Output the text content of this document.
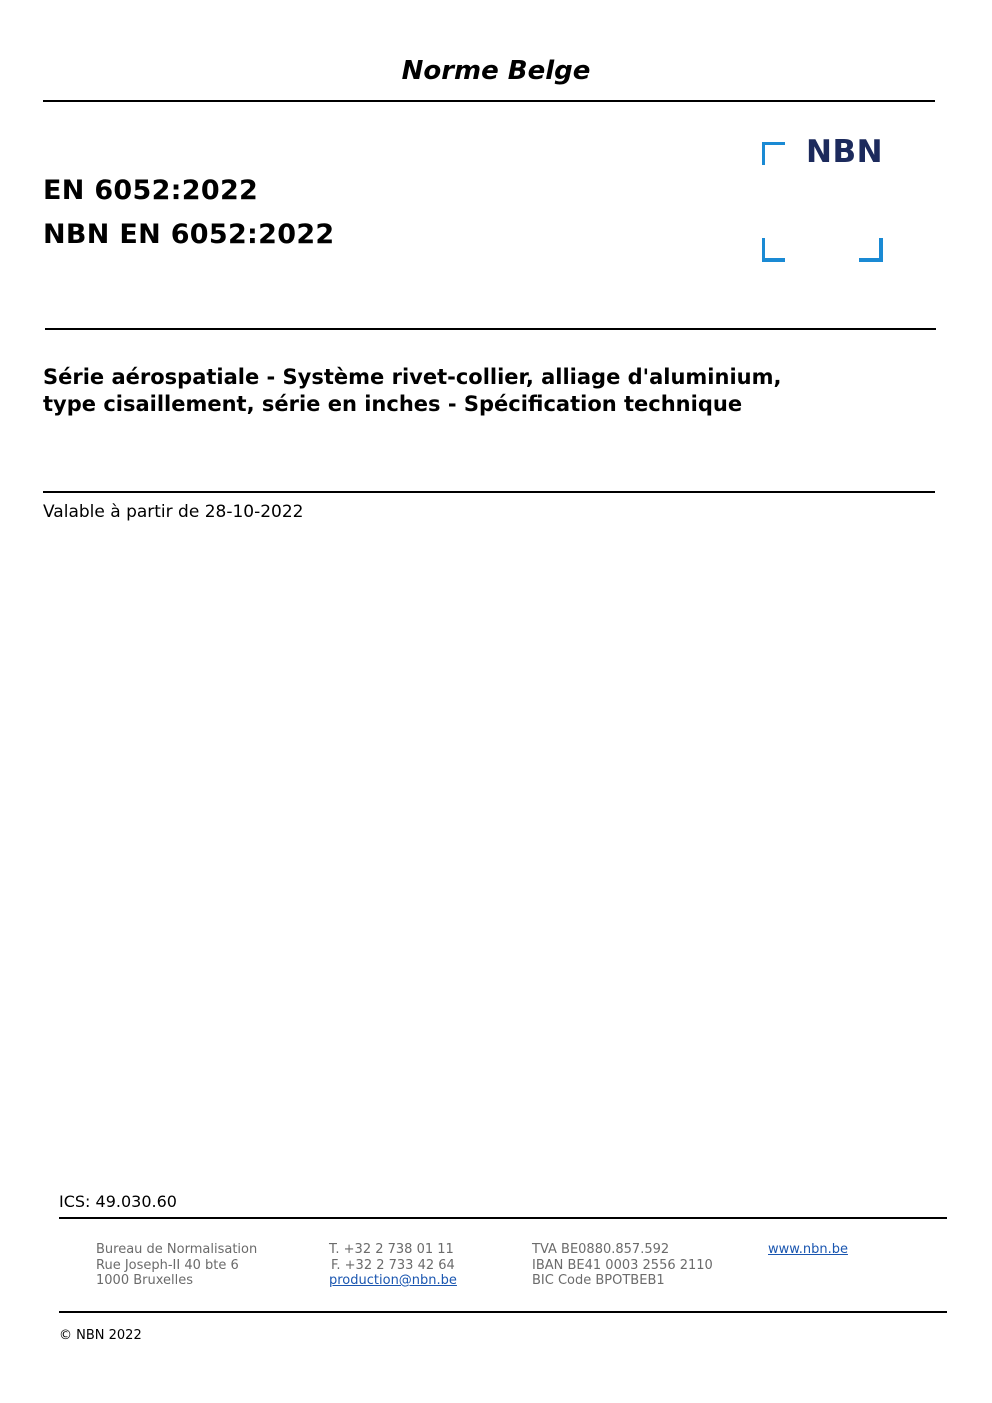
Norme Belge
EN 6052:2022
NBN EN 6052:2022
NBN
Série aérospatiale - Système rivet-collier, alliage d'aluminium,
type cisaillement, série en inches - Spécification technique
Valable à partir de 28-10-2022
ICS: 49.030.60
Bureau de Normalisation
Rue Joseph-II 40 bte 6
1000 Bruxelles
T. +32 2 738 01 11
F. +32 2 733 42 64
production@nbn.be
TVA BE0880.857.592
IBAN BE41 0003 2556 2110
BIC Code BPOTBEB1
www.nbn.be
© NBN 2022
